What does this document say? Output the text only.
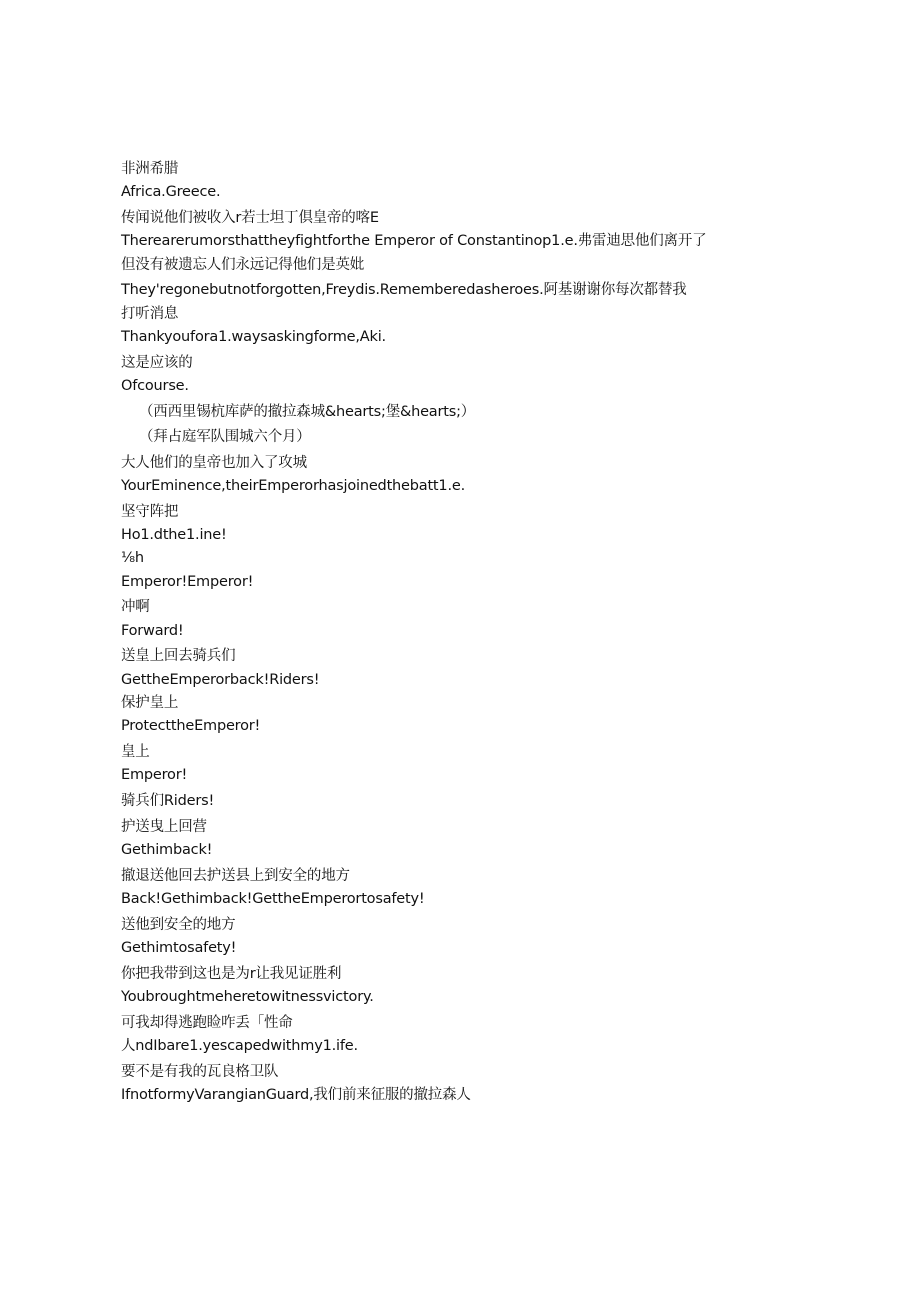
非洲希腊
Africa.Greece.
传闻说他们被收入r若士坦丁倶皇帝的喀E
Therearerumorsthattheyfightforthe Emperor of Constantinop1.e.弗雷迪思他们离开了
但没有被遗忘人们永远记得他们是英妣
They'regonebutnotforgotten,Freydis.Rememberedasheroes.阿基谢谢你每次都替我
打听消息
Thankyoufora1.waysaskingforme,Aki.
这是应该的
Ofcourse.
（西西里锡杭库萨的撤拉森城&hearts;堡&hearts;）
（拜占庭军队围城六个月）
大人他们的皇帝也加入了攻城
YourEminence,theirEmperorhasjoinedthebatt1.e.
坚守阵把
Ho1.dthe1.ine!
⅛h
Emperor!Emperor!
冲啊
Forward!
送皇上回去骑兵们
GettheEmperorback!Riders!
保护皇上
ProtecttheEmperor!
皇上
Emperor!
骑兵们Riders!
护送曳上回营
Gethimback!
撤退送他回去护送县上到安全的地方
Back!Gethimback!GettheEmperortosafety!
送他到安全的地方
Gethimtosafety!
你把我带到这也是为r让我见证胜利
Youbroughtmeheretowitnessvictory.
可我却得逃跑睑咋丢「性命
人ndIbare1.yescapedwithmy1.ife.
要不是有我的瓦良格卫队
IfnotformyVarangianGuard,我们前来征服的撤拉森人
